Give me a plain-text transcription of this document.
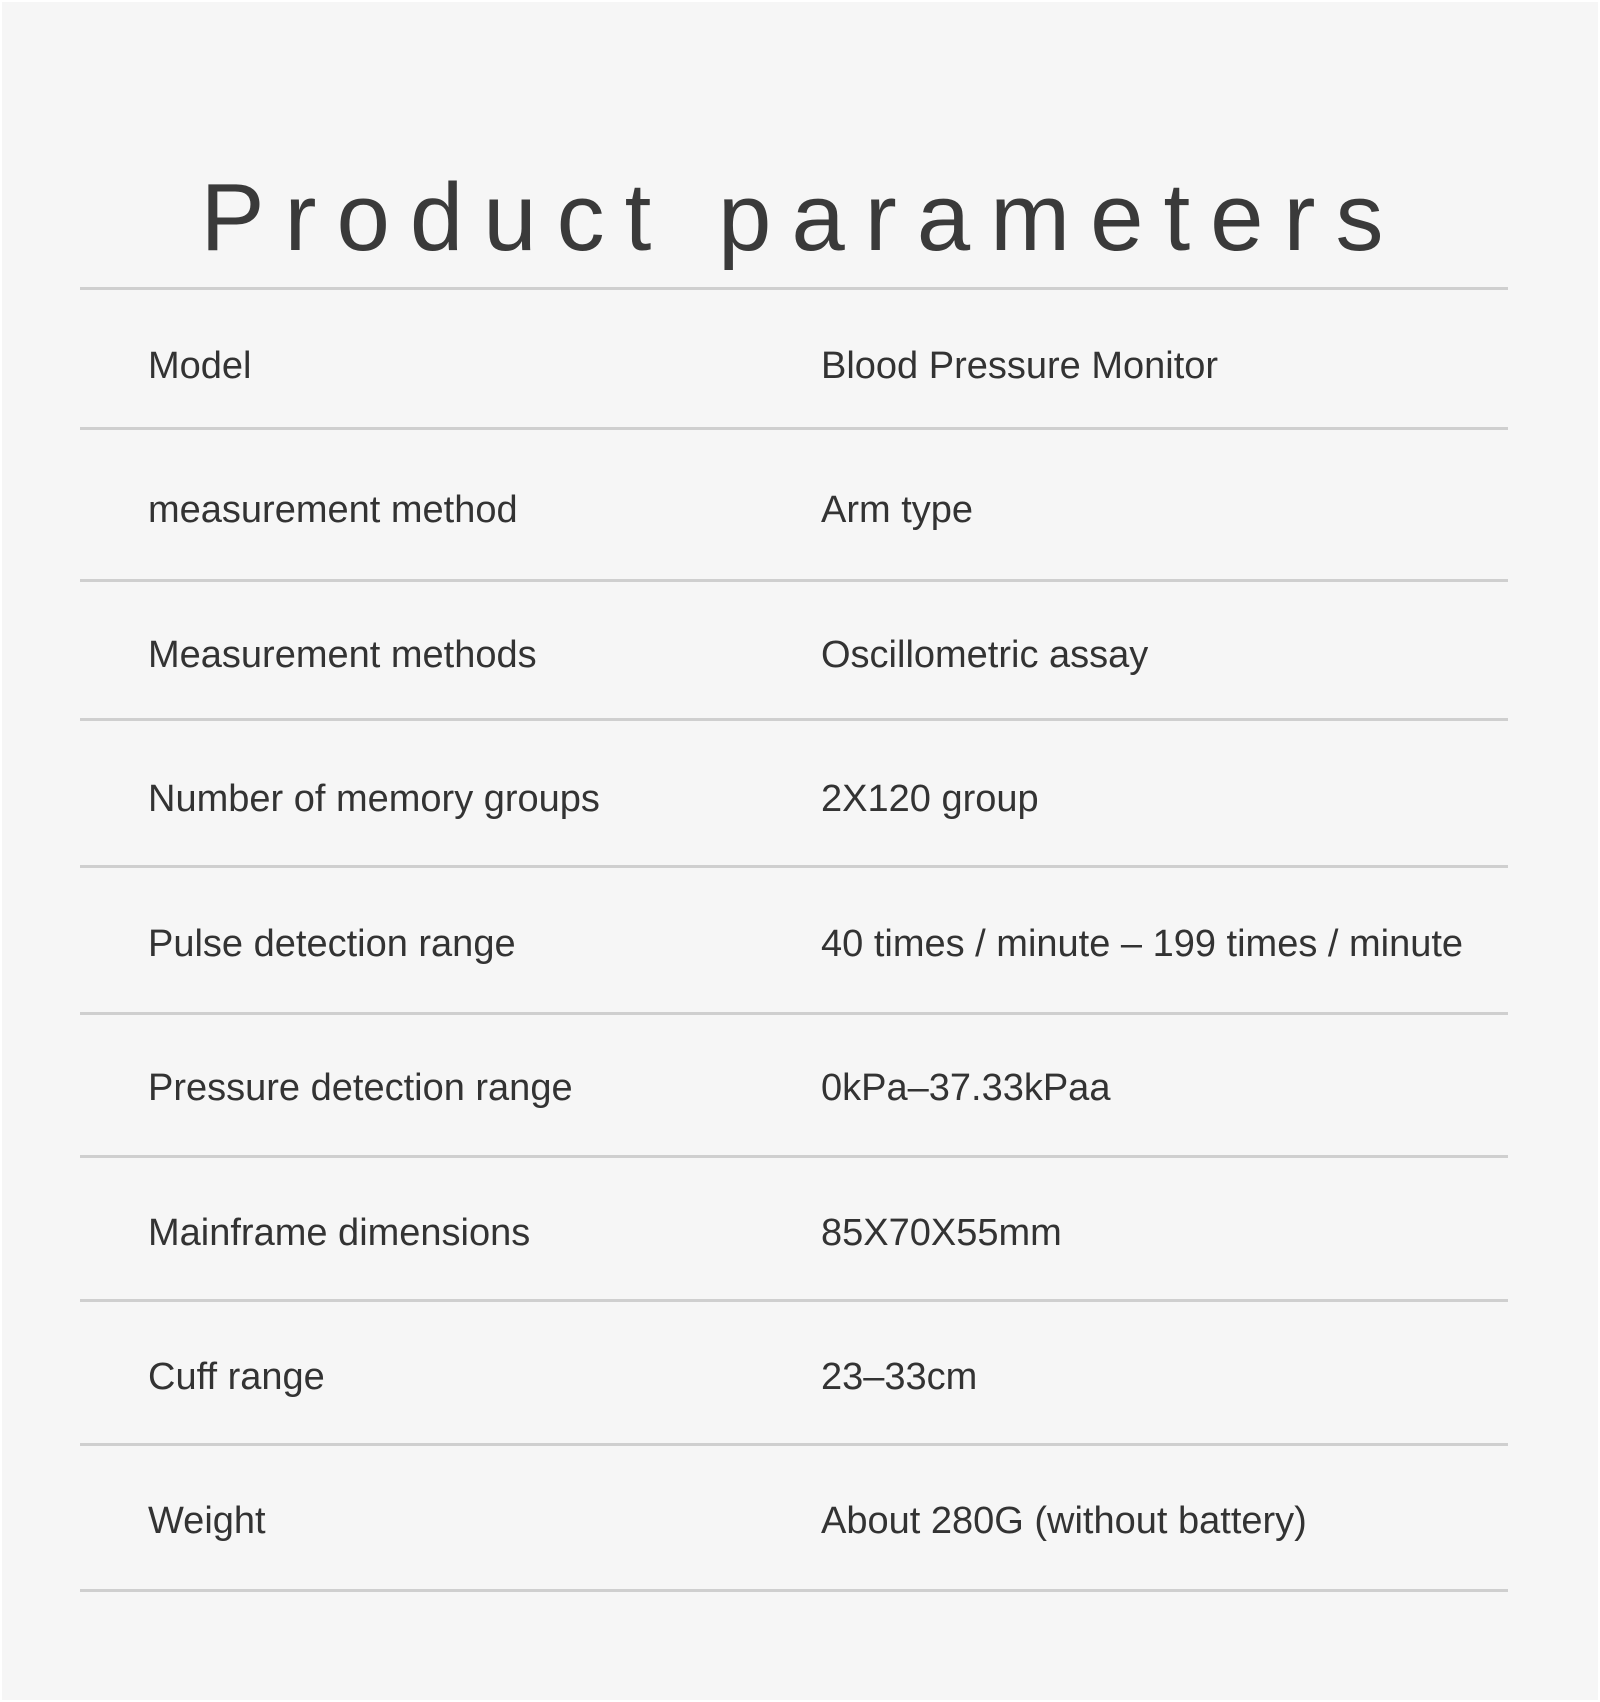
Product parameters
Model	Blood Pressure Monitor
measurement method	Arm type
Measurement methods	Oscillometric assay
Number of memory groups	2X120 group
Pulse detection range	40 times / minute – 199 times / minute
Pressure detection range	0kPa–37.33kPaa
Mainframe dimensions	85X70X55mm
Cuff range	23–33cm
Weight	About 280G (without battery)
